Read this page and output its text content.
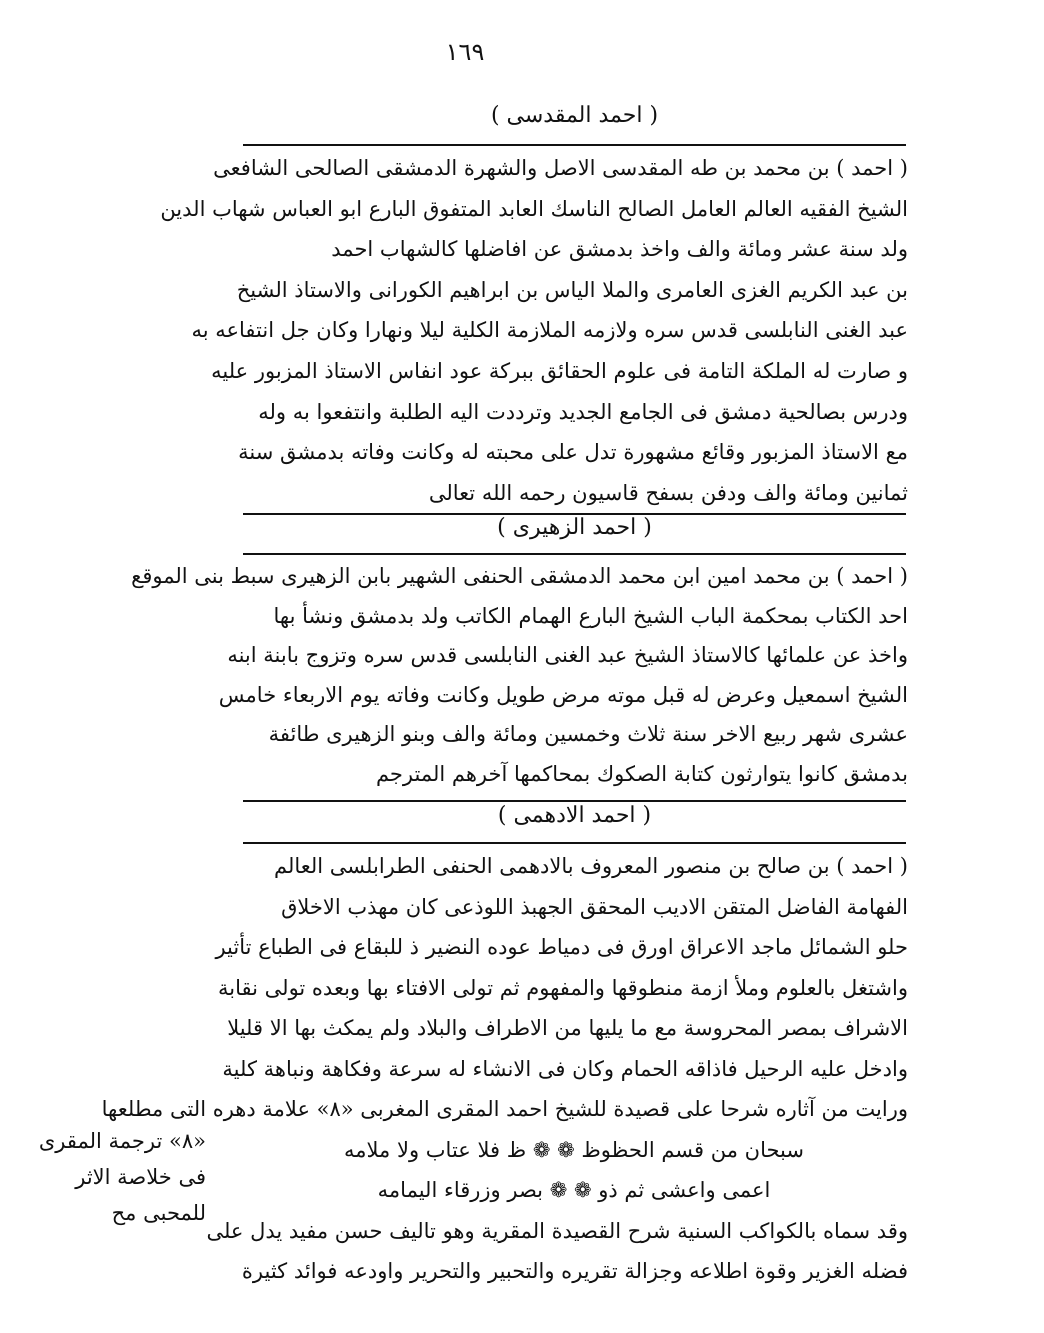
١٦٩
( احمد المقدسی )

( احمد ) بن محمد بن طه المقدسی الاصل والشهرة الدمشقی الصالحی الشافعی

الشیخ الفقیه العالم العامل الصالح الناسك العابد المتفوق البارع ابو العباس شهاب الدین

ولد سنة عشر ومائة والف واخذ بدمشق عن افاضلها كالشهاب احمد

بن عبد الكریم الغزی العامری والملا الیاس بن ابراهیم الكورانی والاستاذ الشیخ

عبد الغنی النابلسی قدس سره ولازمه الملازمة الكلیة لیلا ونهارا وكان جل انتفاعه به

و صارت له الملكة التامة فی علوم الحقائق ببركة عود انفاس الاستاذ المزبور علیه

ودرس بصالحیة دمشق فی الجامع الجدید وترددت الیه الطلبة وانتفعوا به وله

مع الاستاذ المزبور وقائع مشهورة تدل علی محبته له وكانت وفاته بدمشق سنة

ثمانین ومائة والف ودفن بسفح قاسیون رحمه الله تعالی

( احمد الزهیری )

( احمد ) بن محمد امین ابن محمد الدمشقی الحنفی الشهیر بابن الزهیری سبط بنی الموقع

احد الكتاب بمحكمة الباب الشیخ البارع الهمام الكاتب ولد بدمشق ونشأ بها

واخذ عن علمائها كالاستاذ الشیخ عبد الغنی النابلسی قدس سره وتزوج بابنة ابنه

الشیخ اسمعیل وعرض له قبل موته مرض طویل وكانت وفاته یوم الاربعاء خامس

عشری شهر ربیع الاخر سنة ثلاث وخمسین ومائة والف وبنو الزهیری طائفة

بدمشق كانوا یتوارثون كتابة الصكوك بمحاكمها آخرهم المترجم

( احمد الادهمی )

( احمد ) بن صالح بن منصور المعروف بالادهمی الحنفی الطرابلسی العالم

الفهامة الفاضل المتقن الادیب المحقق الجهبذ اللوذعی كان مهذب الاخلاق

حلو الشمائل ماجد الاعراق اورق فی دمیاط عوده النضیر ذ للبقاع فی الطباع تأثیر

واشتغل بالعلوم وملأ ازمة منطوقها والمفهوم ثم تولی الافتاء بها وبعده تولی نقابة

الاشراف بمصر المحروسة مع ما یلیها من الاطراف والبلاد ولم یمكث بها الا قلیلا

وادخل علیه الرحیل فاذاقه الحمام وكان فی الانشاء له سرعة وفكاهة ونباهة كلیة

ورایت من آثاره شرحا علی قصیدة للشیخ احمد المقری المغربی «٨» علامة دهره التی مطلعها

سبحان من قسم الحظوظ ❁ ❁ ظ فلا عتاب ولا ملامه

اعمی واعشی ثم ذو ❁ ❁ بصر وزرقاء الیمامه

وقد سماه بالكواكب السنیة شرح القصیدة المقریة وهو تالیف حسن مفید یدل علی

فضله الغزیر وقوة اطلاعه وجزالة تقریره والتحبیر والتحریر واودعه فوائد كثیرة

«٨» ترجمة المقری

فی خلاصة الاثر

للمحبی مح
